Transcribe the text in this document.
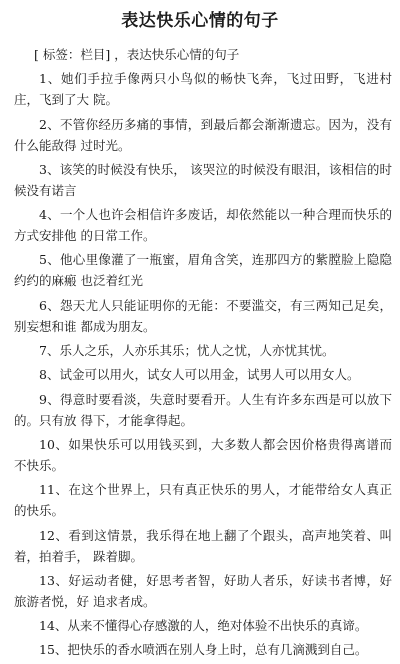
表达快乐心情的句子

[ 标签：栏目] ，表达快乐心情的句子

1、她们手拉手像两只小鸟似的畅快飞奔，飞过田野，飞进村庄，飞到了大 院。

2、不管你经历多痛的事情，到最后都会渐渐遗忘。因为，没有什么能敌得 过时光。

3、该笑的时候没有快乐， 该哭泣的时候没有眼泪，该相信的时候没有诺言

4、一个人也许会相信许多废话，却依然能以一种合理而快乐的方式安排他 的日常工作。

5、他心里像灌了一瓶蜜，眉角含笑，连那四方的紫膛脸上隐隐约约的麻瘢 也泛着红光

6、怨天尤人只能证明你的无能：不要滥交，有三两知己足矣，别妄想和谁 都成为朋友。

7、乐人之乐，人亦乐其乐；忧人之忧，人亦忧其忧。

8、试金可以用火，试女人可以用金，试男人可以用女人。

9、得意时要看淡，失意时要看开。人生有许多东西是可以放下的。只有放 得下，才能拿得起。

10、如果快乐可以用钱买到，大多数人都会因价格贵得离谱而不快乐。

11、在这个世界上，只有真正快乐的男人，才能带给女人真正的快乐。

12、看到这情景，我乐得在地上翻了个跟头，高声地笑着、叫着，拍着手， 跺着脚。

13、好运动者健，好思考者智，好助人者乐，好读书者博，好旅游者悦，好 追求者成。

14、从来不懂得心存感激的人，绝对体验不出快乐的真谛。

15、把快乐的香水喷洒在别人身上时，总有几滴溅到自己。
